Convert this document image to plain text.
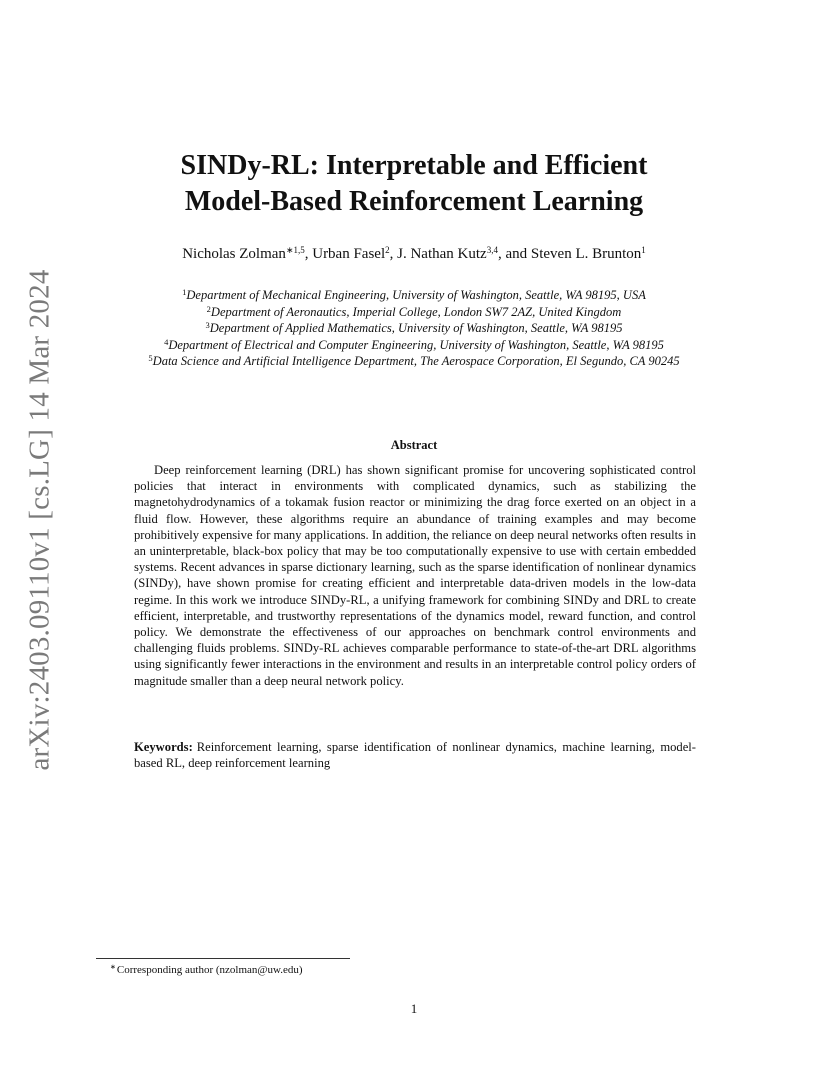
arXiv:2403.09110v1 [cs.LG] 14 Mar 2024
SINDy-RL: Interpretable and Efficient
Model-Based Reinforcement Learning
Nicholas Zolman$^{∗1,5}$, Urban Fasel$^2$, J. Nathan Kutz$^{3,4}$, and Steven L. Brunton$^1$
$^1$Department of Mechanical Engineering, University of Washington, Seattle, WA 98195, USA
$^2$Department of Aeronautics, Imperial College, London SW7 2AZ, United Kingdom
$^3$Department of Applied Mathematics, University of Washington, Seattle, WA 98195
$^4$Department of Electrical and Computer Engineering, University of Washington, Seattle, WA 98195
$^5$Data Science and Artificial Intelligence Department, The Aerospace Corporation, El Segundo, CA 90245
Abstract

Deep reinforcement learning (DRL) has shown significant promise for uncovering sophisticated control policies that interact in environments with complicated dynamics, such as stabilizing the magnetohydrodynamics of a tokamak fusion reactor or minimizing the drag force exerted on an object in a fluid flow. However, these algorithms require an abundance of training examples and may become prohibitively expensive for many applications. In addition, the reliance on deep neural networks often results in an uninterpretable, black-box policy that may be too computationally expensive to use with certain embedded systems. Recent advances in sparse dictionary learning, such as the sparse identification of nonlinear dynamics (SINDy), have shown promise for creating efficient and interpretable data-driven models in the low-data regime. In this work we introduce SINDy-RL, a unifying framework for combining SINDy and DRL to create efficient, interpretable, and trustworthy representations of the dynamics model, reward function, and control policy. We demonstrate the effectiveness of our approaches on benchmark control environments and challenging fluids problems. SINDy-RL achieves comparable performance to state-of-the-art DRL algorithms using significantly fewer interactions in the environment and results in an interpretable control policy orders of magnitude smaller than a deep neural network policy.

Keywords: Reinforcement learning, sparse identification of nonlinear dynamics, machine learning, model-based RL, deep reinforcement learning

∗Corresponding author (nzolman@uw.edu)
1
